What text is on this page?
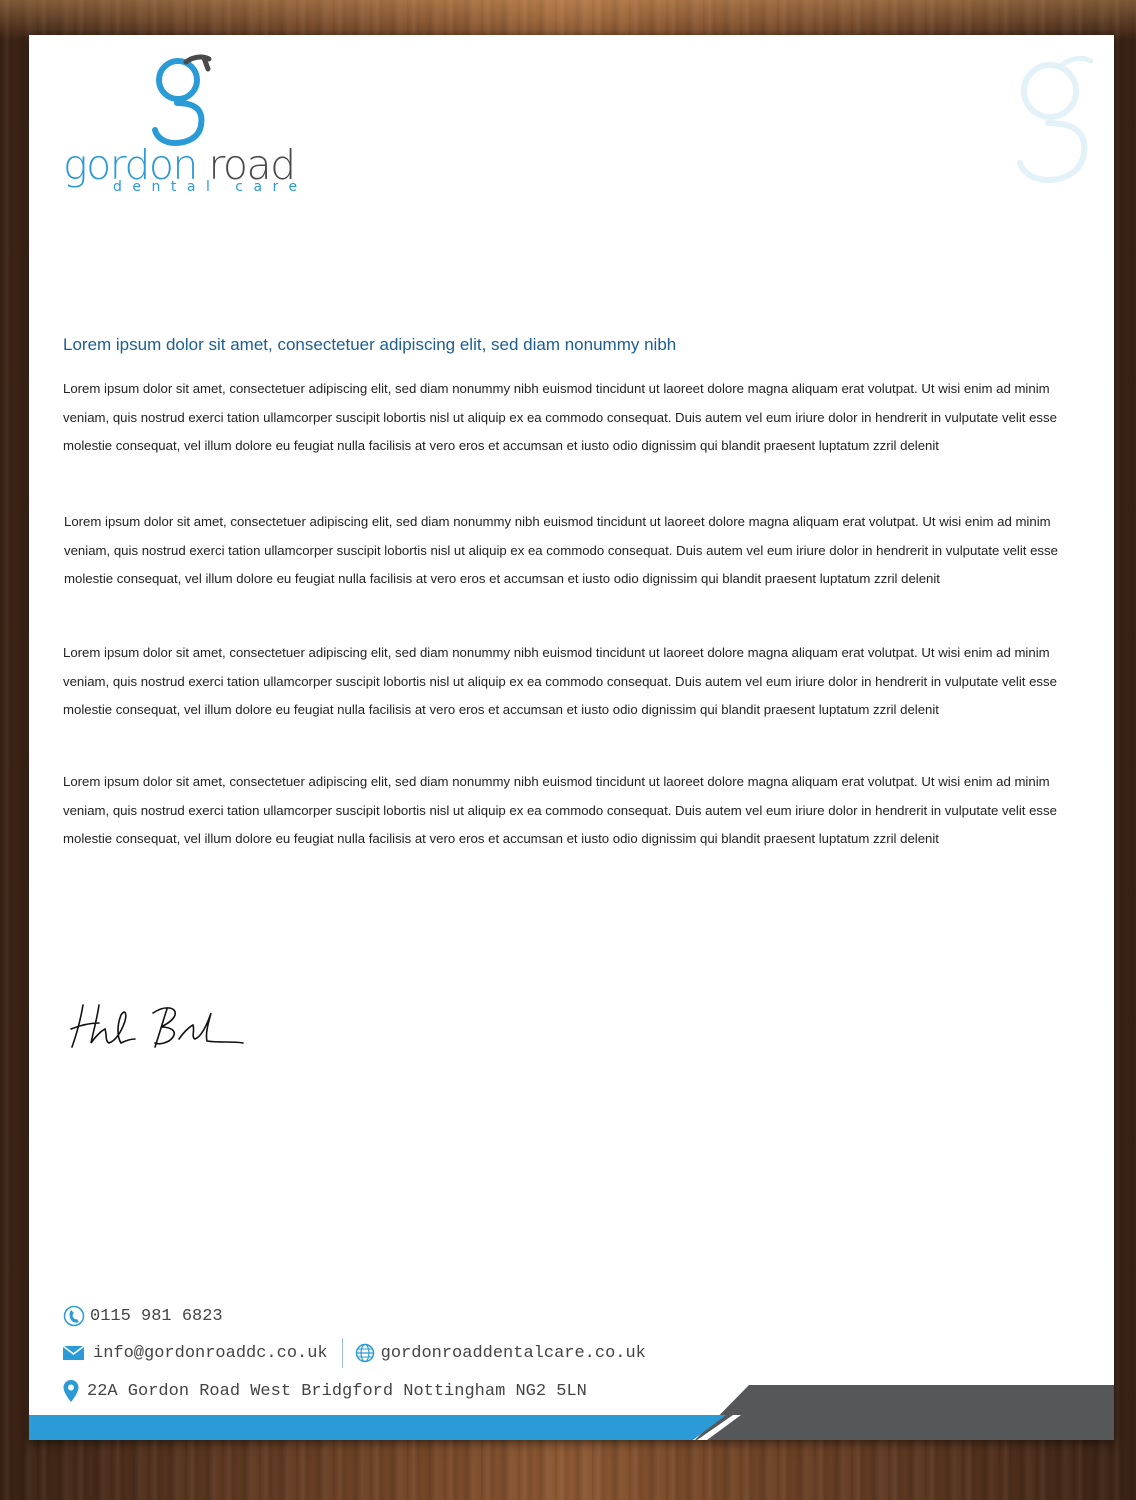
gordon road
dental care
Lorem ipsum dolor sit amet, consectetuer adipiscing elit, sed diam nonummy nibh

Lorem ipsum dolor sit amet, consectetuer adipiscing elit, sed diam nonummy nibh euismod tincidunt ut laoreet dolore magna aliquam erat volutpat. Ut wisi enim ad minim veniam, quis nostrud exerci tation ullamcorper suscipit lobortis nisl ut aliquip ex ea commodo consequat. Duis autem vel eum iriure dolor in hendrerit in vulputate velit esse molestie consequat, vel illum dolore eu feugiat nulla facilisis at vero eros et accumsan et iusto odio dignissim qui blandit praesent luptatum zzril delenit

Lorem ipsum dolor sit amet, consectetuer adipiscing elit, sed diam nonummy nibh euismod tincidunt ut laoreet dolore magna aliquam erat volutpat. Ut wisi enim ad minim veniam, quis nostrud exerci tation ullamcorper suscipit lobortis nisl ut aliquip ex ea commodo consequat. Duis autem vel eum iriure dolor in hendrerit in vulputate velit esse molestie consequat, vel illum dolore eu feugiat nulla facilisis at vero eros et accumsan et iusto odio dignissim qui blandit praesent luptatum zzril delenit

Lorem ipsum dolor sit amet, consectetuer adipiscing elit, sed diam nonummy nibh euismod tincidunt ut laoreet dolore magna aliquam erat volutpat. Ut wisi enim ad minim veniam, quis nostrud exerci tation ullamcorper suscipit lobortis nisl ut aliquip ex ea commodo consequat. Duis autem vel eum iriure dolor in hendrerit in vulputate velit esse molestie consequat, vel illum dolore eu feugiat nulla facilisis at vero eros et accumsan et iusto odio dignissim qui blandit praesent luptatum zzril delenit

Lorem ipsum dolor sit amet, consectetuer adipiscing elit, sed diam nonummy nibh euismod tincidunt ut laoreet dolore magna aliquam erat volutpat. Ut wisi enim ad minim veniam, quis nostrud exerci tation ullamcorper suscipit lobortis nisl ut aliquip ex ea commodo consequat. Duis autem vel eum iriure dolor in hendrerit in vulputate velit esse molestie consequat, vel illum dolore eu feugiat nulla facilisis at vero eros et accumsan et iusto odio dignissim qui blandit praesent luptatum zzril delenit

0115 981 6823
info@gordonroaddc.co.uk	gordonroaddentalcare.co.uk
22A Gordon Road West Bridgford Nottingham NG2 5LN
